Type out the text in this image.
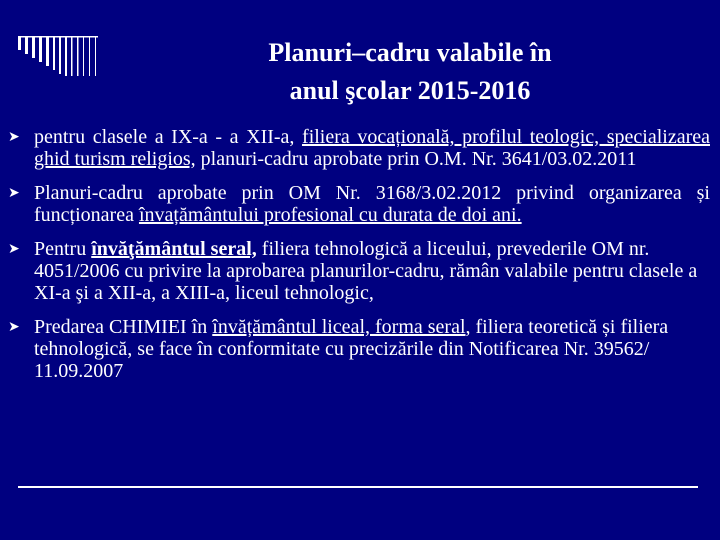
Planuri–cadru valabile în
anul şcolar 2015-2016
➤ pentru clasele a IX-a - a XII-a, filiera vocațională, profilul teologic, specializarea ghid turism religios, planuri-cadru aprobate prin O.M. Nr. 3641/03.02.2011
➤ Planuri-cadru aprobate prin OM Nr. 3168/3.02.2012 privind organizarea și funcționarea învațământului profesional cu durata de doi ani.
➤ Pentru învăţământul seral, filiera tehnologică a liceului, prevederile OM nr. 4051/2006 cu privire la aprobarea planurilor-cadru, rămân valabile pentru clasele a XI-a şi a XII-a, a XIII-a, liceul tehnologic,
➤ Predarea CHIMIEI în învățământul liceal, forma seral, filiera teoretică și filiera tehnologică, se face în conformitate cu precizările din Notificarea Nr. 39562/ 11.09.2007
